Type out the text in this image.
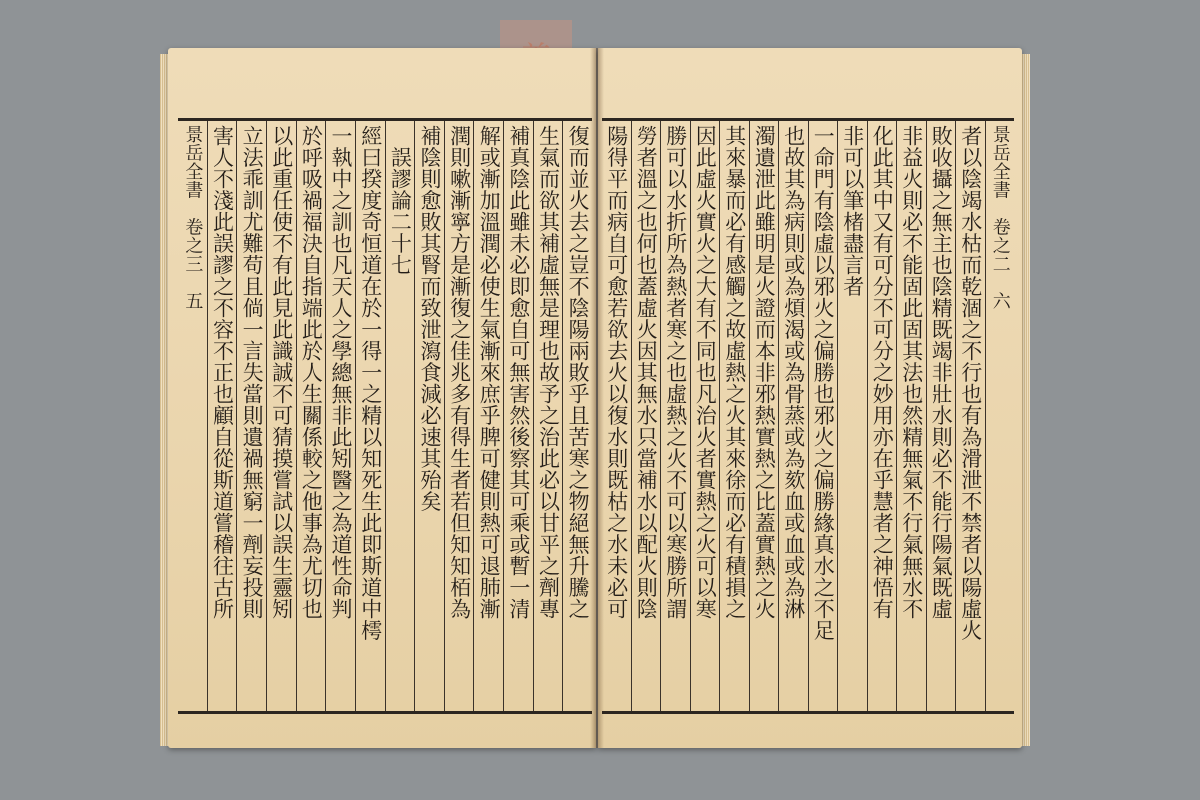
復而並火去之豈不陰陽兩敗乎且苦寒之物絕無升騰之
生氣而欲其補虛無是理也故予之治此必以甘平之劑專
補真陰此雖未必即愈自可無害然後察其可乘或暫一清
解或漸加溫潤必使生氣漸來庶乎脾可健則熱可退肺漸
潤則嗽漸寧方是漸復之佳兆多有得生者若但知知栢為
補陰則愈敗其腎而致泄瀉食減必速其殆矣
　誤謬論二十七
經曰揆度奇恒道在於一得一之精以知死生此即斯道中樗
一執中之訓也凡天人之學總無非此矧醫之為道性命判
於呼吸禍福決自指端此於人生關係較之他事為尤切也
以此重任使不有此見此識誠不可猜摸嘗試以誤生靈矧
立法乖訓尤難苟且倘一言失當則遺禍無窮一劑妄投則
害人不淺此誤謬之不容不正也顧自從斯道嘗稽往古所
景岳全書　卷之三　五	景岳全書　卷之二　六
者以陰竭水枯而乾涸之不行也有為滑泄不禁者以陽虛火
敗收攝之無主也陰精既竭非壯水則必不能行陽氣既虛
非益火則必不能固此固其法也然精無氣不行氣無水不
化此其中又有可分不可分之妙用亦在乎慧者之神悟有
非可以筆楮盡言者
一命門有陰虛以邪火之偏勝也邪火之偏勝緣真水之不足
也故其為病則或為煩渴或為骨蒸或為欬血或血或為淋
濁遺泄此雖明是火證而本非邪熱實熱之比蓋實熱之火
其來暴而必有感觸之故虛熱之火其來徐而必有積損之
因此虛火實火之大有不同也凡治火者實熱之火可以寒
勝可以水折所為熱者寒之也虛熱之火不可以寒勝所謂
勞者溫之也何也蓋虛火因其無水只當補水以配火則陰
陽得平而病自可愈若欲去火以復水則既枯之水未必可
